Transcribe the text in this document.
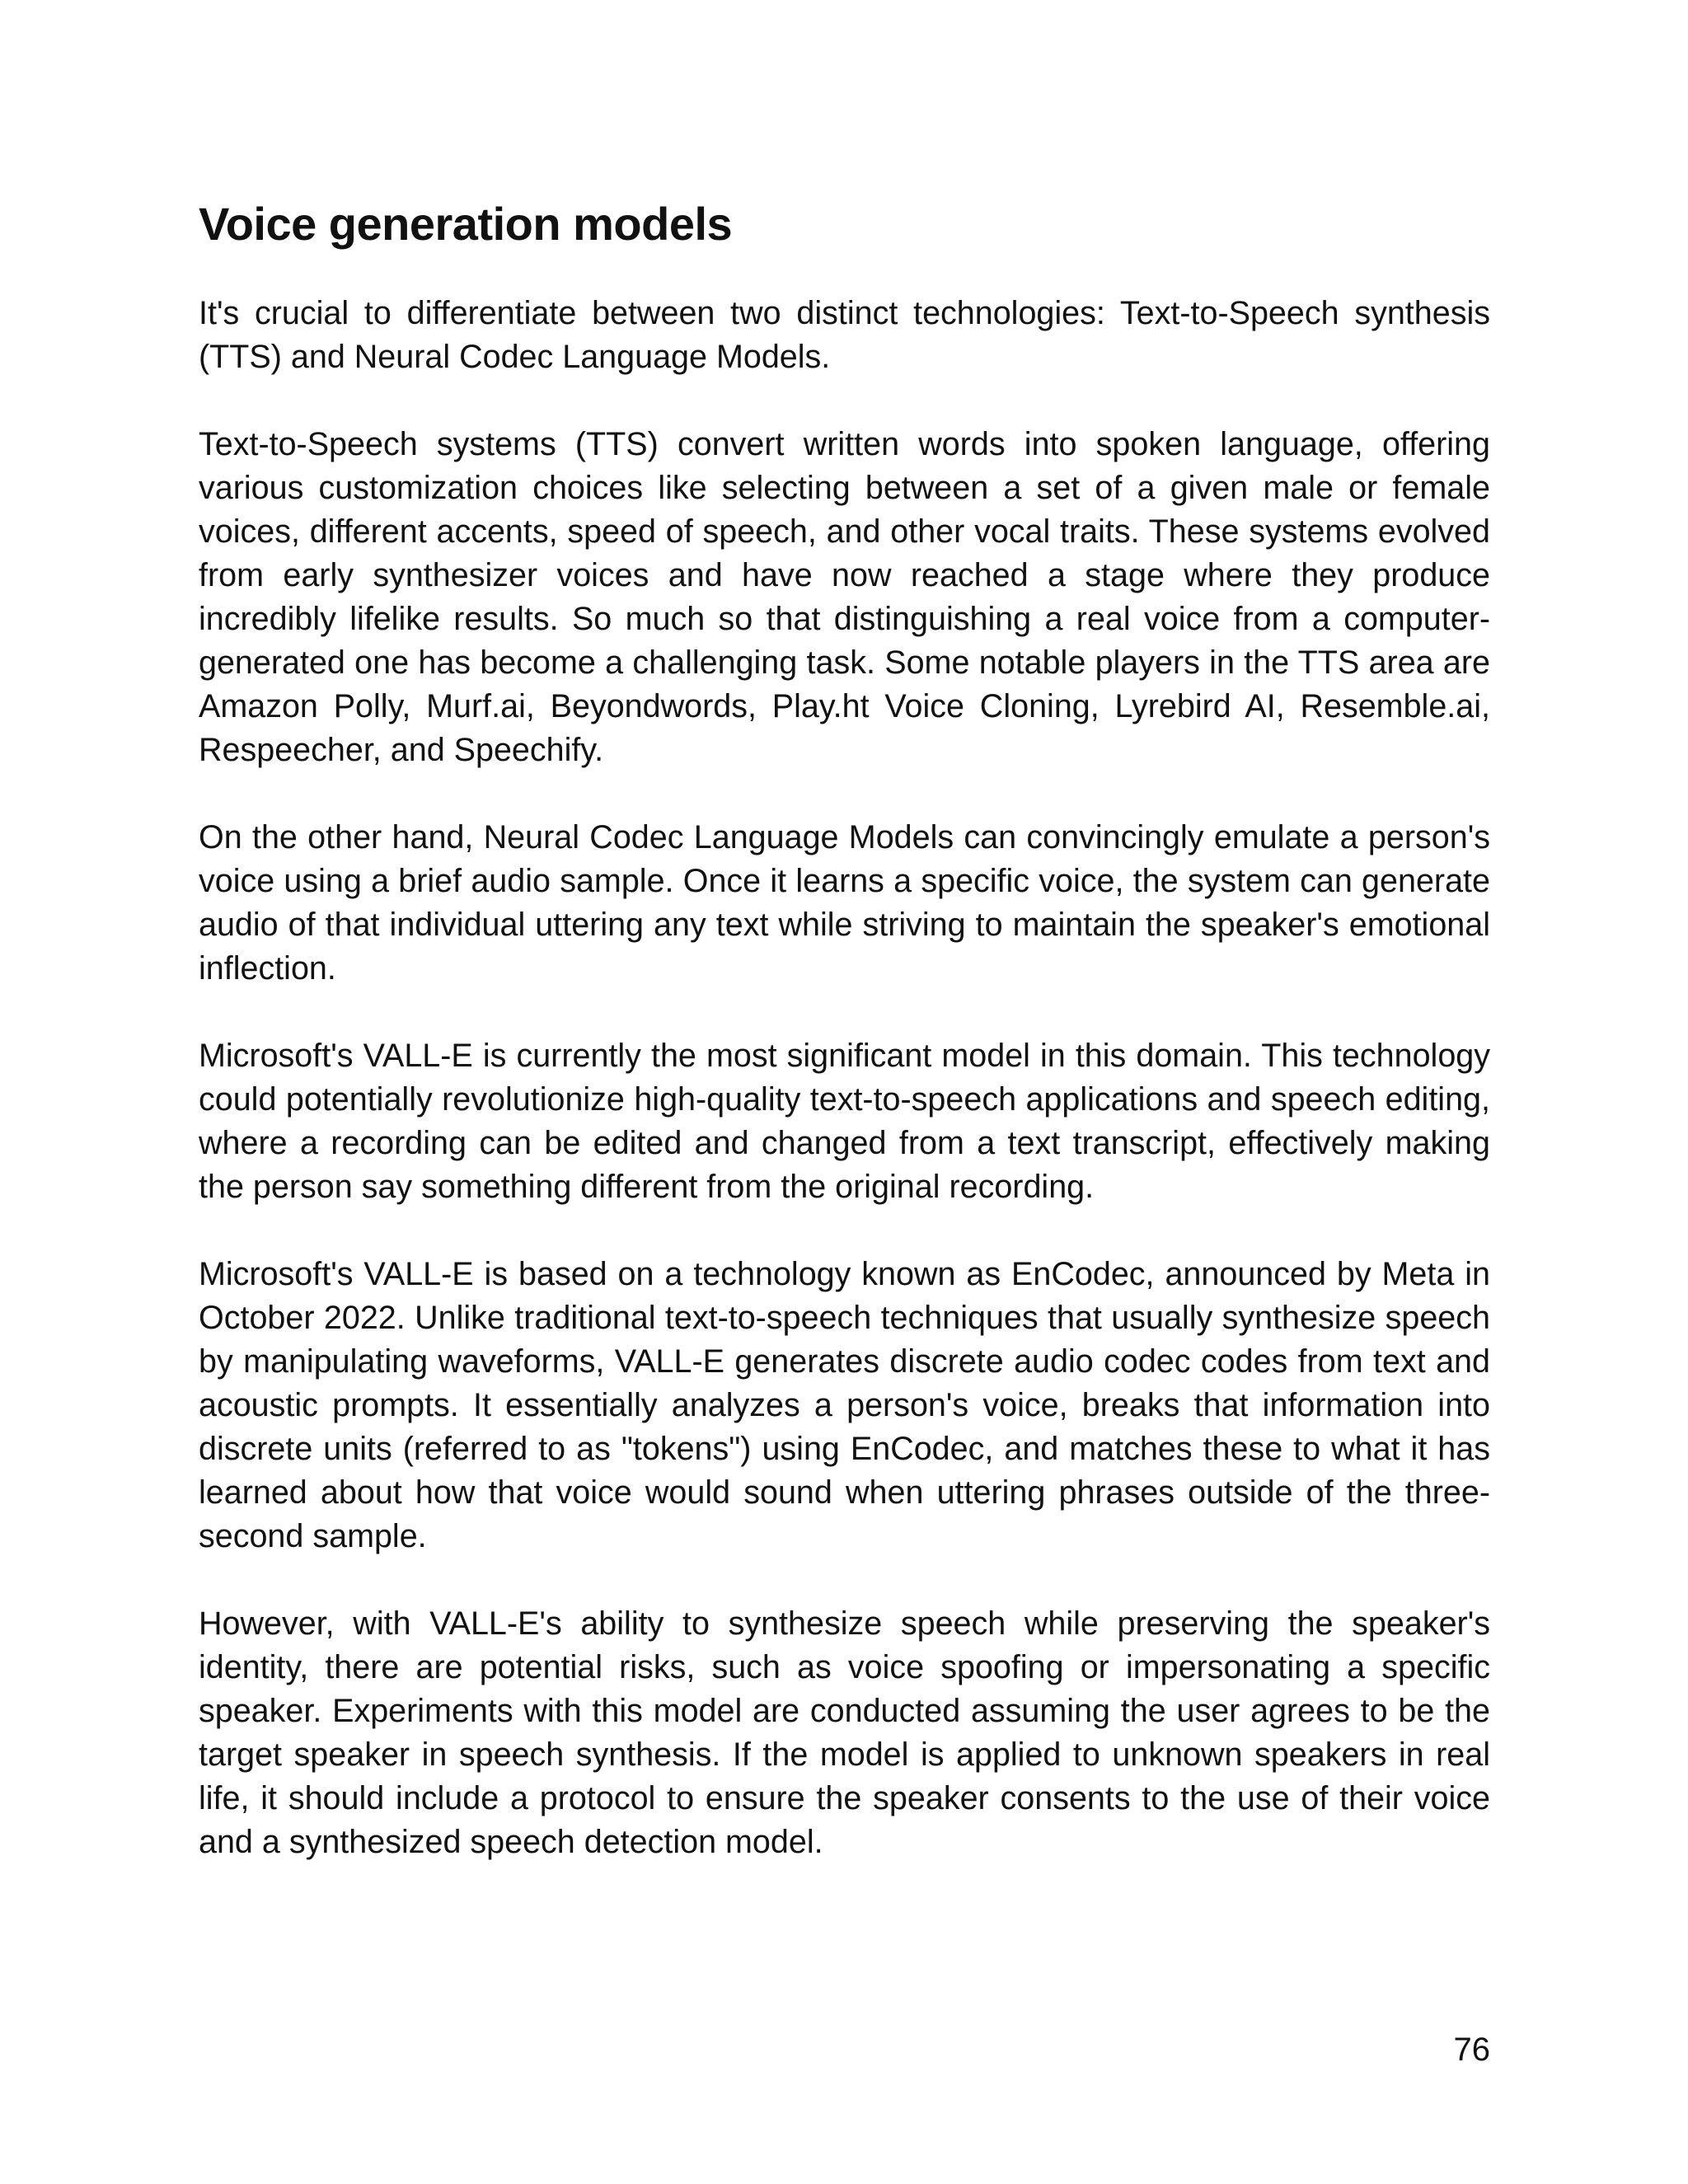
Voice generation models

It's crucial to differentiate between two distinct technologies: Text-to-Speech synthesis (TTS) and Neural Codec Language Models.

Text-to-Speech systems (TTS) convert written words into spoken language, offering various customization choices like selecting between a set of a given male or female voices, different accents, speed of speech, and other vocal traits. These systems evolved from early synthesizer voices and have now reached a stage where they produce incredibly lifelike results. So much so that distinguishing a real voice from a computer-generated one has become a challenging task. Some notable players in the TTS area are Amazon Polly, Murf.ai, Beyondwords, Play.ht Voice Cloning, Lyrebird AI, Resemble.ai, Respeecher, and Speechify.

On the other hand, Neural Codec Language Models can convincingly emulate a person's voice using a brief audio sample. Once it learns a specific voice, the system can generate audio of that individual uttering any text while striving to maintain the speaker's emotional inflection.

Microsoft's VALL-E is currently the most significant model in this domain. This technology could potentially revolutionize high-quality text-to-speech applications and speech editing, where a recording can be edited and changed from a text transcript, effectively making the person say something different from the original recording.

Microsoft's VALL-E is based on a technology known as EnCodec, announced by Meta in October 2022. Unlike traditional text-to-speech techniques that usually synthesize speech by manipulating waveforms, VALL-E generates discrete audio codec codes from text and acoustic prompts. It essentially analyzes a person's voice, breaks that information into discrete units (referred to as "tokens") using EnCodec, and matches these to what it has learned about how that voice would sound when uttering phrases outside of the three-second sample.

However, with VALL-E's ability to synthesize speech while preserving the speaker's identity, there are potential risks, such as voice spoofing or impersonating a specific speaker. Experiments with this model are conducted assuming the user agrees to be the target speaker in speech synthesis. If the model is applied to unknown speakers in real life, it should include a protocol to ensure the speaker consents to the use of their voice and a synthesized speech detection model.

76
